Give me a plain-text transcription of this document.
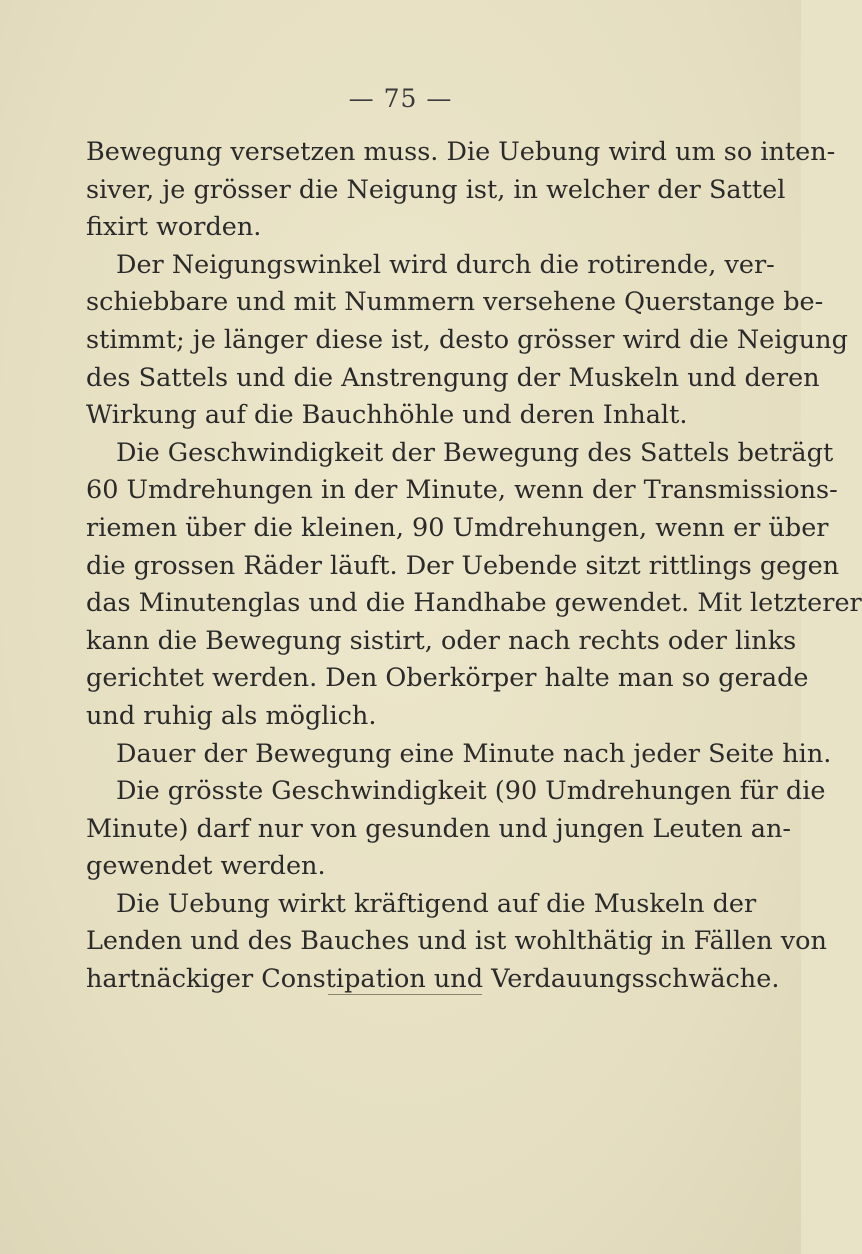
— 75 —
Bewegung versetzen muss. Die Uebung wird um so inten-
siver, je grösser die Neigung ist, in welcher der Sattel
fixirt worden.
Der Neigungswinkel wird durch die rotirende, ver-
schiebbare und mit Nummern versehene Querstange be-
stimmt; je länger diese ist, desto grösser wird die Neigung
des Sattels und die Anstrengung der Muskeln und deren
Wirkung auf die Bauchhöhle und deren Inhalt.
Die Geschwindigkeit der Bewegung des Sattels beträgt
60 Umdrehungen in der Minute, wenn der Transmissions-
riemen über die kleinen, 90 Umdrehungen, wenn er über
die grossen Räder läuft. Der Uebende sitzt rittlings gegen
das Minutenglas und die Handhabe gewendet. Mit letzterer
kann die Bewegung sistirt, oder nach rechts oder links
gerichtet werden. Den Oberkörper halte man so gerade
und ruhig als möglich.
Dauer der Bewegung eine Minute nach jeder Seite hin.
Die grösste Geschwindigkeit (90 Umdrehungen für die
Minute) darf nur von gesunden und jungen Leuten an-
gewendet werden.
Die Uebung wirkt kräftigend auf die Muskeln der
Lenden und des Bauches und ist wohlthätig in Fällen von
hartnäckiger Constipation und Verdauungsschwäche.
